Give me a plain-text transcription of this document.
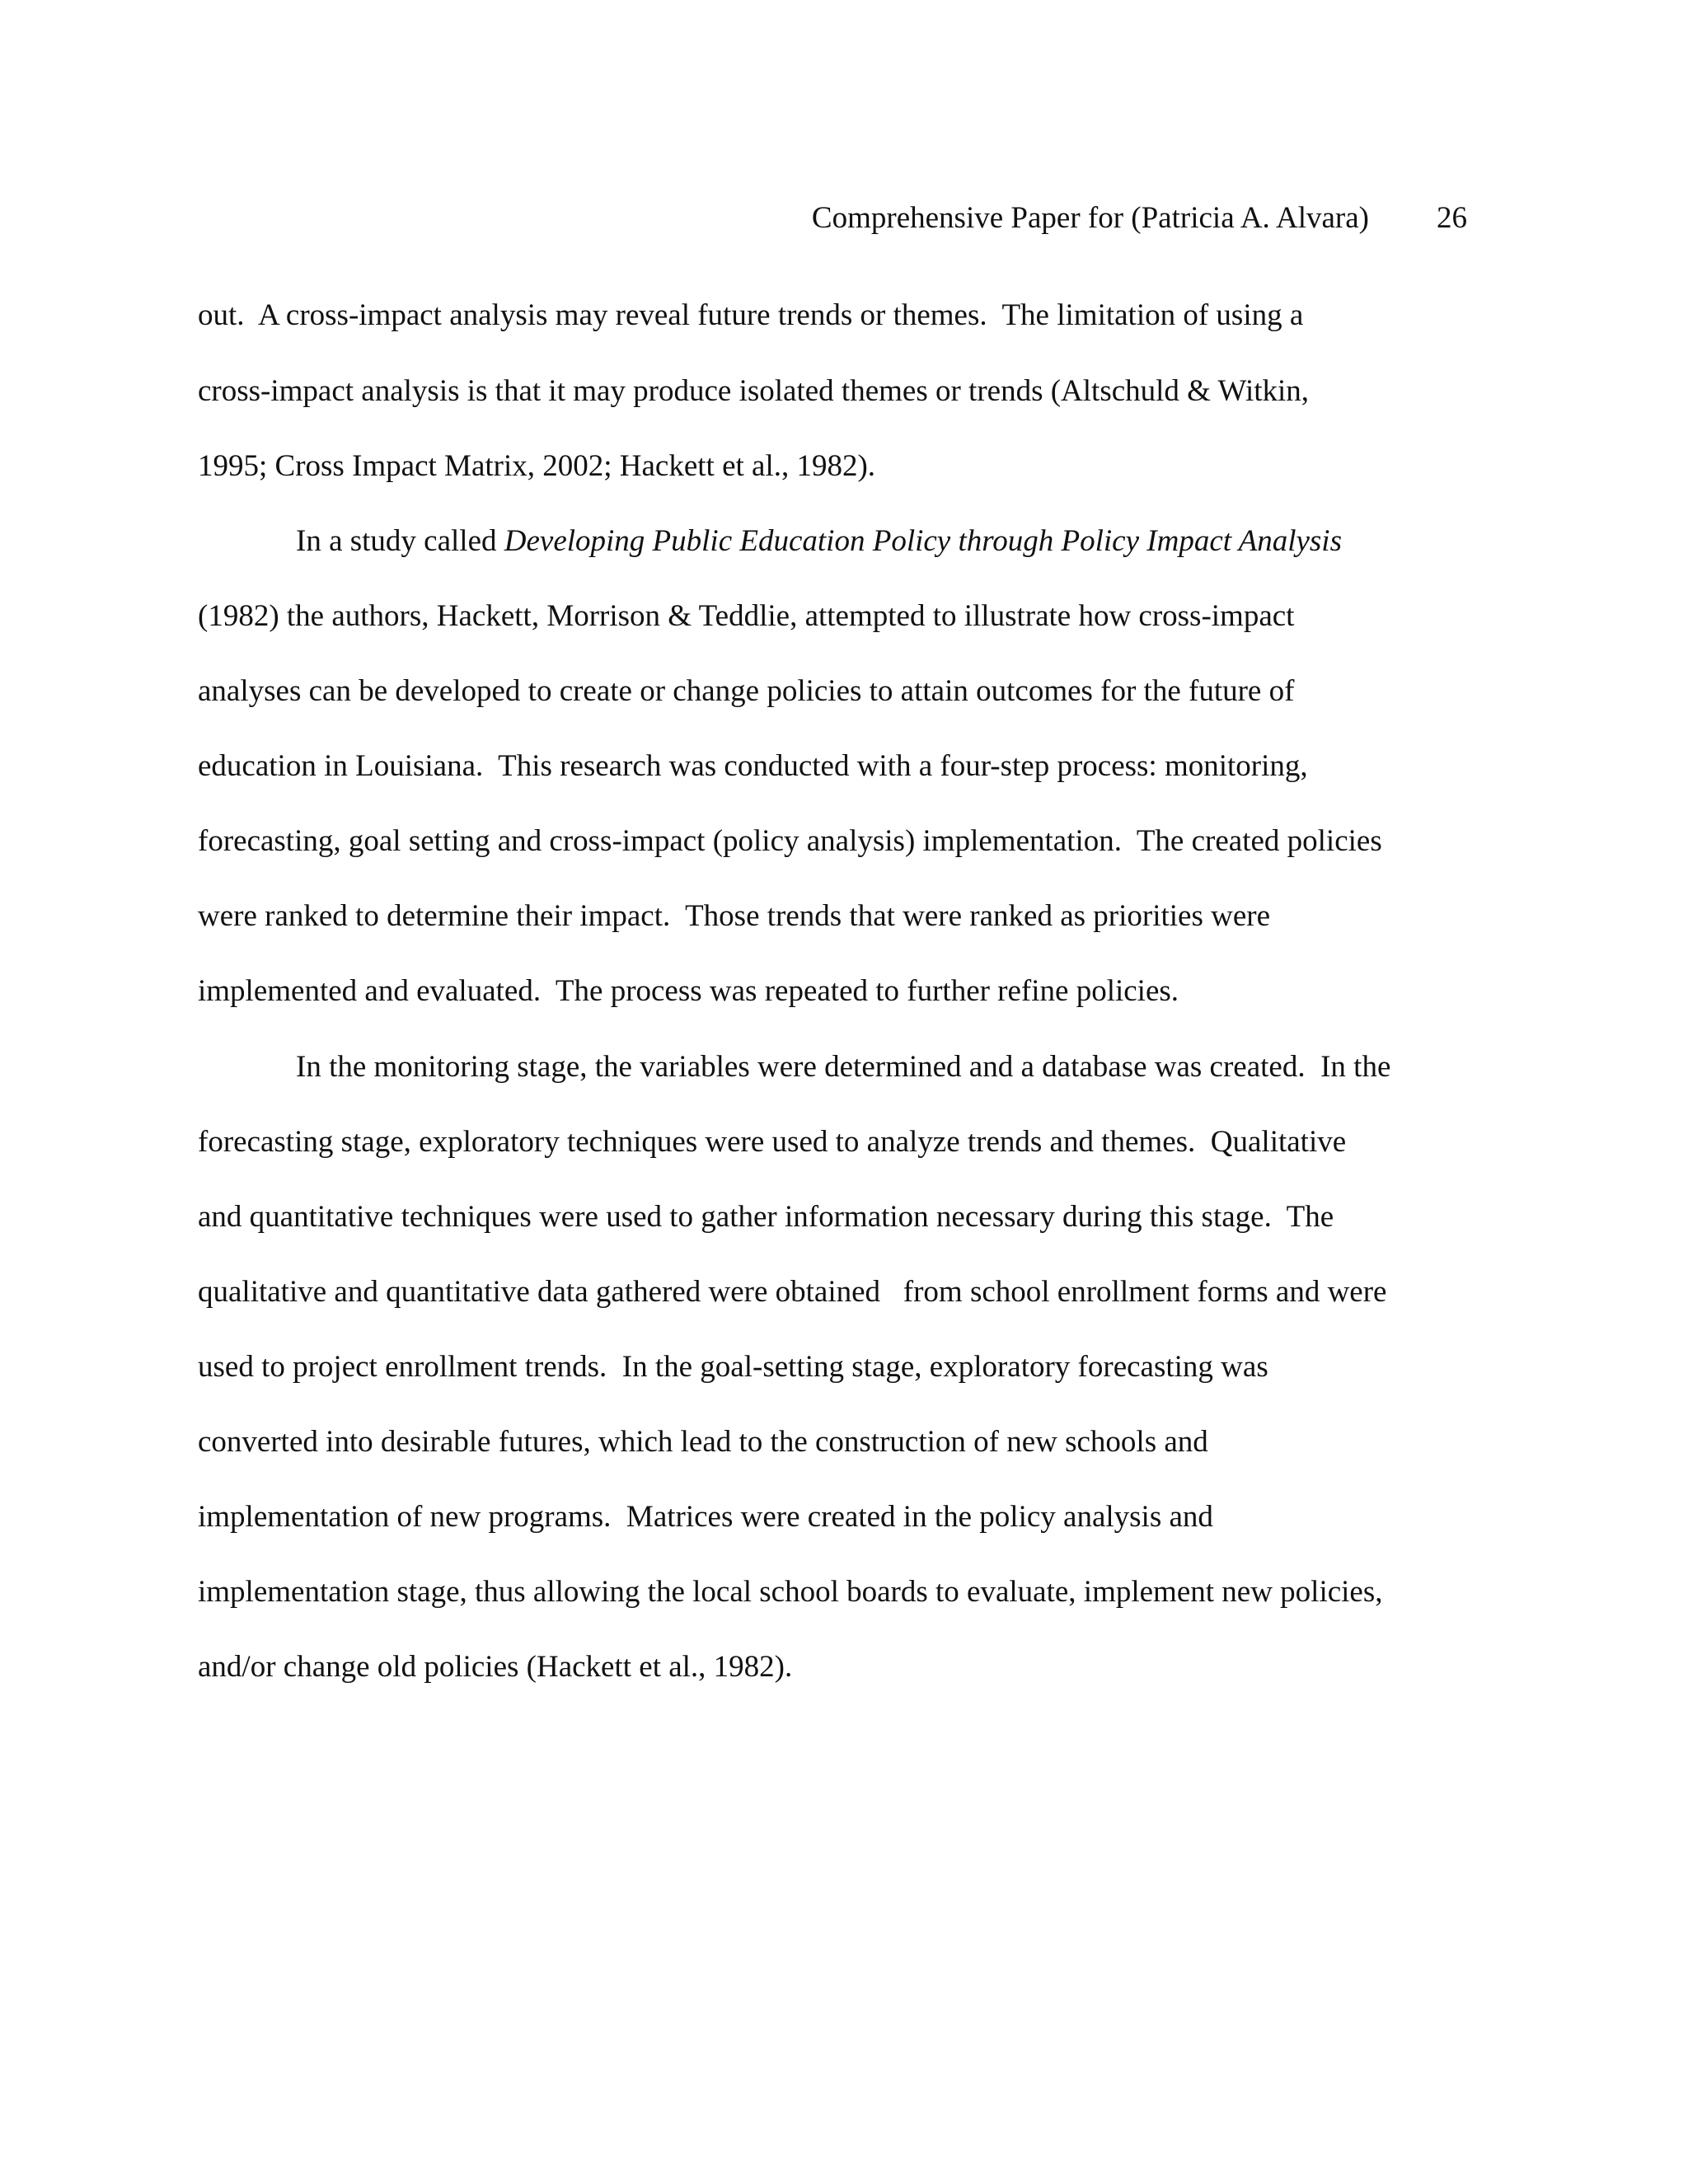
Comprehensive Paper for (Patricia A. Alvara) 26
out.  A cross-impact analysis may reveal future trends or themes.  The limitation of using a
cross-impact analysis is that it may produce isolated themes or trends (Altschuld & Witkin,
1995; Cross Impact Matrix, 2002; Hackett et al., 1982).
In a study called Developing Public Education Policy through Policy Impact Analysis
(1982) the authors, Hackett, Morrison & Teddlie, attempted to illustrate how cross-impact
analyses can be developed to create or change policies to attain outcomes for the future of
education in Louisiana.  This research was conducted with a four-step process: monitoring,
forecasting, goal setting and cross-impact (policy analysis) implementation.  The created policies
were ranked to determine their impact.  Those trends that were ranked as priorities were
implemented and evaluated.  The process was repeated to further refine policies.
In the monitoring stage, the variables were determined and a database was created.  In the
forecasting stage, exploratory techniques were used to analyze trends and themes.  Qualitative
and quantitative techniques were used to gather information necessary during this stage.  The
qualitative and quantitative data gathered were obtained   from school enrollment forms and were
used to project enrollment trends.  In the goal-setting stage, exploratory forecasting was
converted into desirable futures, which lead to the construction of new schools and
implementation of new programs.  Matrices were created in the policy analysis and
implementation stage, thus allowing the local school boards to evaluate, implement new policies,
and/or change old policies (Hackett et al., 1982).
